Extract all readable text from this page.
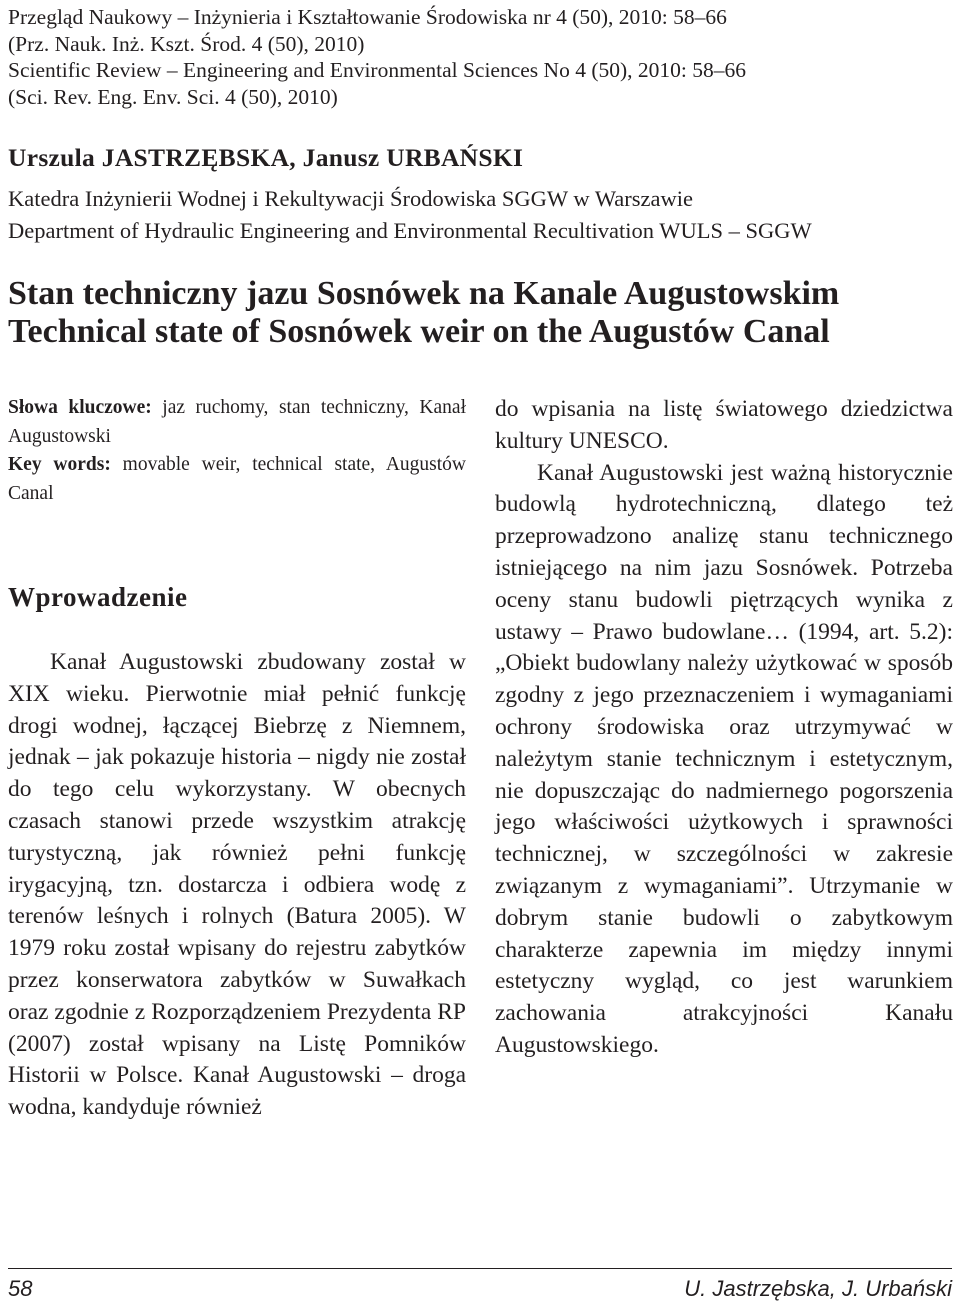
Przegląd Naukowy – Inżynieria i Kształtowanie Środowiska nr 4 (50), 2010: 58–66
(Prz. Nauk. Inż. Kszt. Środ. 4 (50), 2010)
Scientific Review – Engineering and Environmental Sciences No 4 (50), 2010: 58–66
(Sci. Rev. Eng. Env. Sci. 4 (50), 2010)
Urszula JASTRZĘBSKA, Janusz URBAŃSKI
Katedra Inżynierii Wodnej i Rekultywacji Środowiska SGGW w Warszawie
Department of Hydraulic Engineering and Environmental Recultivation WULS – SGGW
Stan techniczny jazu Sosnówek na Kanale Augustowskim
Technical state of Sosnówek weir on the Augustów Canal

Słowa kluczowe: jaz ruchomy, stan techniczny, Kanał Augustowski

Key words: movable weir, technical state, Augustów Canal

Wprowadzenie

Kanał Augustowski zbudowany został w XIX wieku. Pierwotnie miał pełnić funkcję drogi wodnej, łączącej Biebrzę z Niemnem, jednak – jak pokazuje historia – nigdy nie został do tego celu wykorzystany. W obecnych czasach stanowi przede wszystkim atrakcję turystyczną, jak również pełni funkcję irygacyjną, tzn. dostarcza i odbiera wodę z terenów leśnych i rolnych (Batura 2005). W 1979 roku został wpisany do rejestru zabytków przez konserwatora zabytków w Suwałkach oraz zgodnie z Rozporządzeniem Prezydenta RP (2007) został wpisany na Listę Pomników Historii w Polsce. Kanał Augustowski – droga wodna, kandyduje również

do wpisania na listę światowego dziedzictwa kultury UNESCO.

Kanał Augustowski jest ważną historycznie budowlą hydrotechniczną, dlatego też przeprowadzono analizę stanu technicznego istniejącego na nim jazu Sosnówek. Potrzeba oceny stanu budowli piętrzących wynika z ustawy – Prawo budowlane… (1994, art. 5.2): „Obiekt budowlany należy użytkować w sposób zgodny z jego przeznaczeniem i wymaganiami ochrony środowiska oraz utrzymywać w należytym stanie technicznym i estetycznym, nie dopuszczając do nadmiernego pogorszenia jego właściwości użytkowych i sprawności technicznej, w szczególności w zakresie związanym z wymaganiami”. Utrzymanie w dobrym stanie budowli o zabytkowym charakterze zapewnia im między innymi estetyczny wygląd, co jest warunkiem zachowania atrakcyjności Kanału Augustowskiego.

58	U. Jastrzębska, J. Urbański
